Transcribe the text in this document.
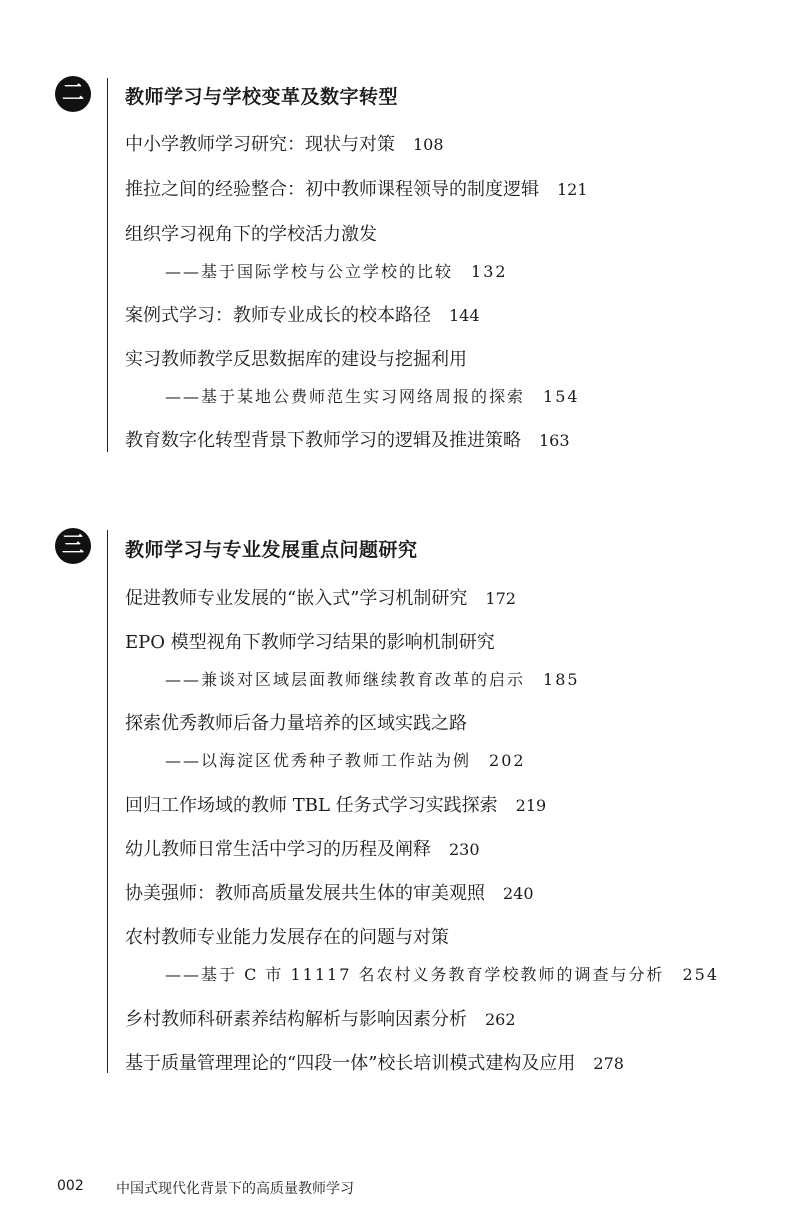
二	教师学习与学校变革及数字转型
中小学教师学习研究：现状与对策 108
推拉之间的经验整合：初中教师课程领导的制度逻辑 121
组织学习视角下的学校活力激发
——基于国际学校与公立学校的比较 132
案例式学习：教师专业成长的校本路径 144
实习教师教学反思数据库的建设与挖掘利用
——基于某地公费师范生实习网络周报的探索 154
教育数字化转型背景下教师学习的逻辑及推进策略 163
三	教师学习与专业发展重点问题研究
促进教师专业发展的“嵌入式”学习机制研究 172
EPO 模型视角下教师学习结果的影响机制研究
——兼谈对区域层面教师继续教育改革的启示 185
探索优秀教师后备力量培养的区域实践之路
——以海淀区优秀种子教师工作站为例 202
回归工作场域的教师 TBL 任务式学习实践探索 219
幼儿教师日常生活中学习的历程及阐释 230
协美强师：教师高质量发展共生体的审美观照 240
农村教师专业能力发展存在的问题与对策
——基于 C 市 11117 名农村义务教育学校教师的调查与分析 254
乡村教师科研素养结构解析与影响因素分析 262
基于质量管理理论的“四段一体”校长培训模式建构及应用 278
002 中国式现代化背景下的高质量教师学习
